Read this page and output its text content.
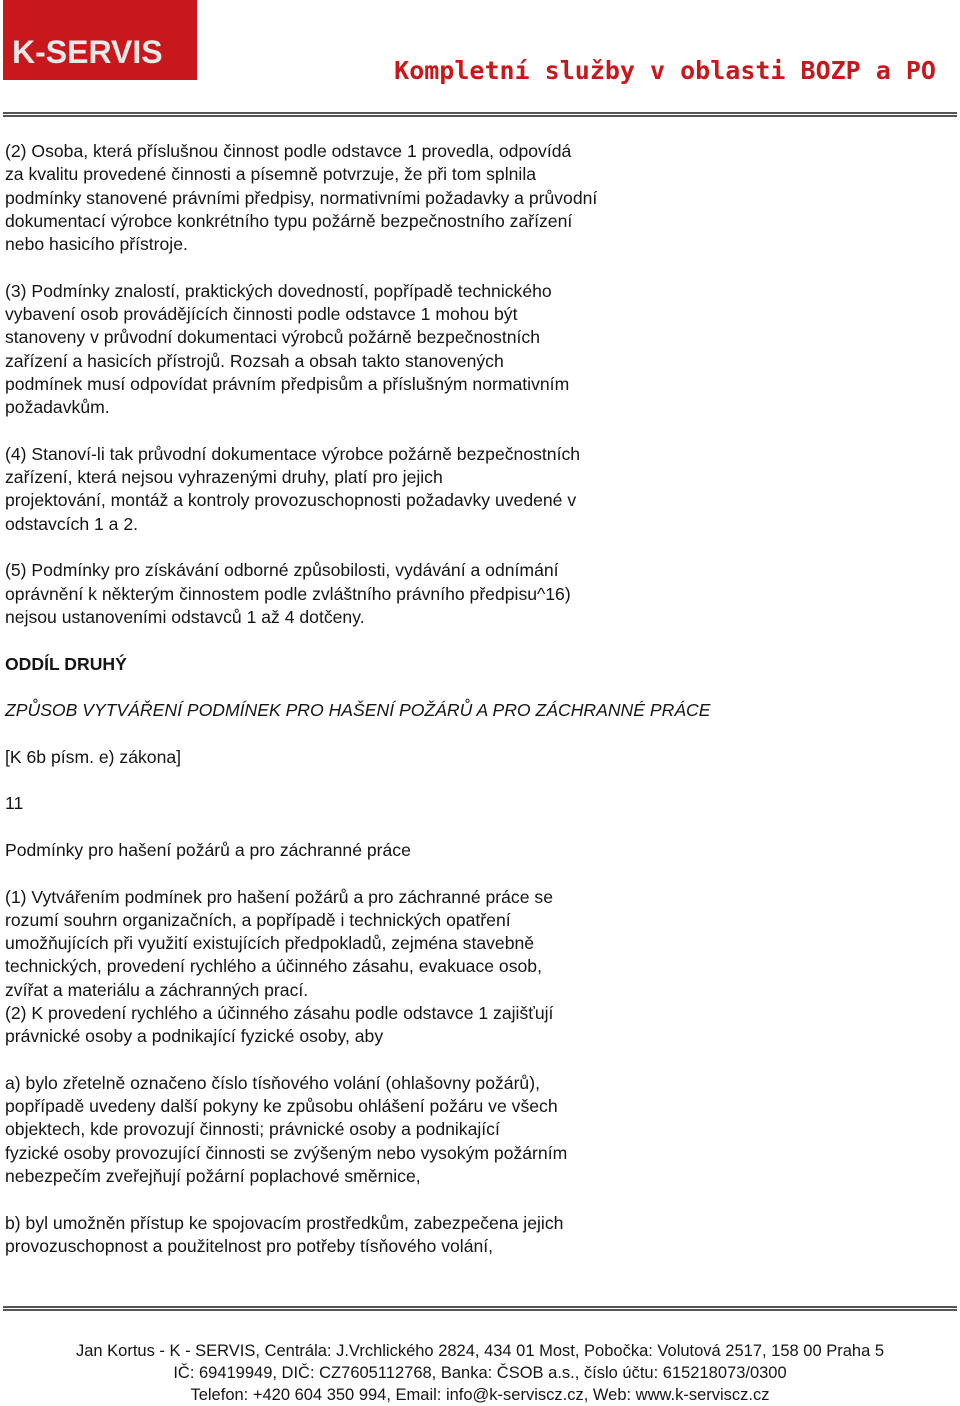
K-SERVIS
Kompletní služby v oblasti BOZP a PO

(2) Osoba, která příslušnou činnost podle odstavce 1 provedla, odpovídá
za kvalitu provedené činnosti a písemně potvrzuje, že při tom splnila
podmínky stanovené právními předpisy, normativními požadavky a průvodní
dokumentací výrobce konkrétního typu požárně bezpečnostního zařízení
nebo hasicího přístroje.

(3) Podmínky znalostí, praktických dovedností, popřípadě technického
vybavení osob provádějících činnosti podle odstavce 1 mohou být
stanoveny v průvodní dokumentaci výrobců požárně bezpečnostních
zařízení a hasicích přístrojů. Rozsah a obsah takto stanovených
podmínek musí odpovídat právním předpisům a příslušným normativním
požadavkům.

(4) Stanoví-li tak průvodní dokumentace výrobce požárně bezpečnostních
zařízení, která nejsou vyhrazenými druhy, platí pro jejich
projektování, montáž a kontroly provozuschopnosti požadavky uvedené v
odstavcích 1 a 2.

(5) Podmínky pro získávání odborné způsobilosti, vydávání a odnímání
oprávnění k některým činnostem podle zvláštního právního předpisu^16)
nejsou ustanoveními odstavců 1 až 4 dotčeny.

ODDÍL DRUHÝ

ZPŮSOB VYTVÁŘENÍ PODMÍNEK PRO HAŠENÍ POŽÁRŮ A PRO ZÁCHRANNÉ PRÁCE

[K 6b písm. e) zákona]

11

Podmínky pro hašení požárů a pro záchranné práce

(1) Vytvářením podmínek pro hašení požárů a pro záchranné práce se
rozumí souhrn organizačních, a popřípadě i technických opatření
umožňujících při využití existujících předpokladů, zejména stavebně
technických, provedení rychlého a účinného zásahu, evakuace osob,
zvířat a materiálu a záchranných prací.
(2) K provedení rychlého a účinného zásahu podle odstavce 1 zajišťují
právnické osoby a podnikající fyzické osoby, aby

a) bylo zřetelně označeno číslo tísňového volání (ohlašovny požárů),
popřípadě uvedeny další pokyny ke způsobu ohlášení požáru ve všech
objektech, kde provozují činnosti; právnické osoby a podnikající
fyzické osoby provozující činnosti se zvýšeným nebo vysokým požárním
nebezpečím zveřejňují požární poplachové směrnice,

b) byl umožněn přístup ke spojovacím prostředkům, zabezpečena jejich
provozuschopnost a použitelnost pro potřeby tísňového volání,

Jan Kortus - K - SERVIS, Centrála: J.Vrchlického 2824, 434 01 Most, Pobočka: Volutová 2517, 158 00 Praha 5
IČ: 69419949, DIČ: CZ7605112768, Banka: ČSOB a.s., číslo účtu: 615218073/0300
Telefon: +420 604 350 994, Email: info@k-serviscz.cz, Web: www.k-serviscz.cz
